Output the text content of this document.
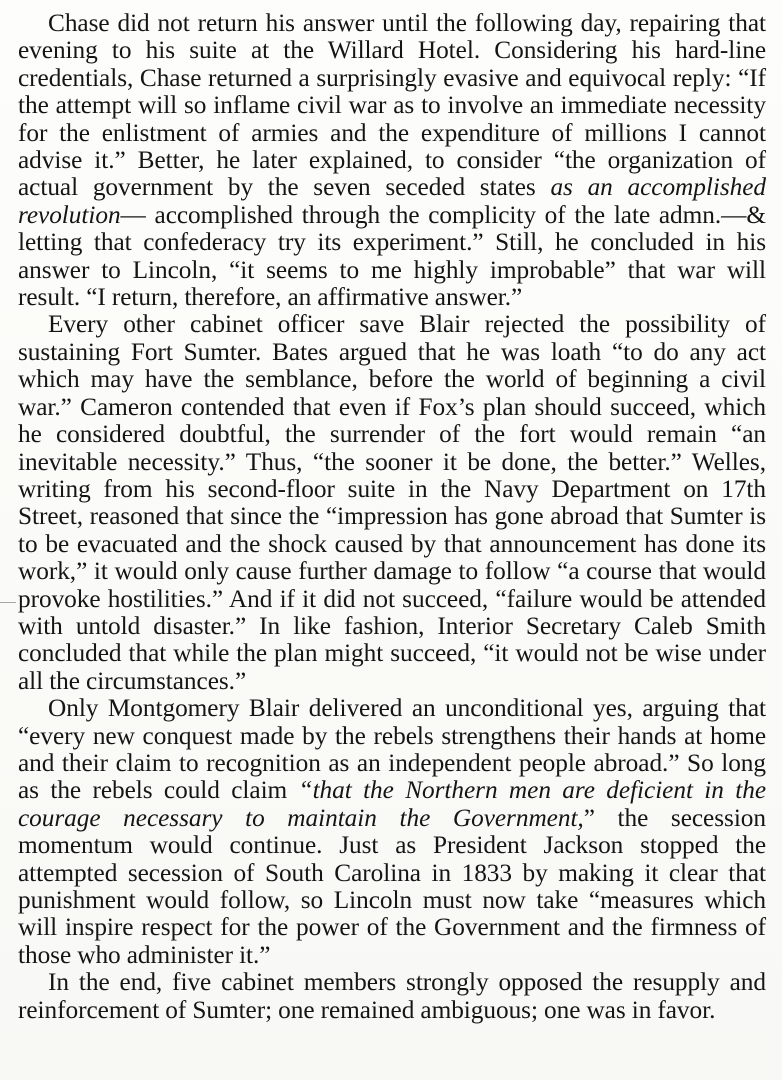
Chase did not return his answer until the following day, repairing that evening to his suite at the Willard Hotel. Considering his hard-line credentials, Chase returned a surprisingly evasive and equivocal reply: “If the attempt will so inflame civil war as to involve an immediate necessity for the enlistment of armies and the expenditure of millions I cannot advise it.” Better, he later explained, to consider “the organization of actual government by the seven seceded states as an accomplished revolution— accomplished through the complicity of the late admn.—& letting that confederacy try its experiment.” Still, he concluded in his answer to Lincoln, “it seems to me highly improbable” that war will result. “I return, therefore, an affirmative answer.”

Every other cabinet officer save Blair rejected the possibility of sustaining Fort Sumter. Bates argued that he was loath “to do any act which may have the semblance, before the world of beginning a civil war.” Cameron contended that even if Fox’s plan should succeed, which he considered doubtful, the surrender of the fort would remain “an inevitable necessity.” Thus, “the sooner it be done, the better.” Welles, writing from his second-floor suite in the Navy Department on 17th Street, reasoned that since the “impression has gone abroad that Sumter is to be evacuated and the shock caused by that announcement has done its work,” it would only cause further damage to follow “a course that would provoke hostilities.” And if it did not succeed, “failure would be attended with untold disaster.” In like fashion, Interior Secretary Caleb Smith concluded that while the plan might succeed, “it would not be wise under all the circumstances.”

Only Montgomery Blair delivered an unconditional yes, arguing that “every new conquest made by the rebels strengthens their hands at home and their claim to recognition as an independent people abroad.” So long as the rebels could claim “that the Northern men are deficient in the courage necessary to maintain the Government,” the secession momentum would continue. Just as President Jackson stopped the attempted secession of South Carolina in 1833 by making it clear that punishment would follow, so Lincoln must now take “measures which will inspire respect for the power of the Government and the firmness of those who administer it.”

In the end, five cabinet members strongly opposed the resupply and reinforcement of Sumter; one remained ambiguous; one was in favor.
